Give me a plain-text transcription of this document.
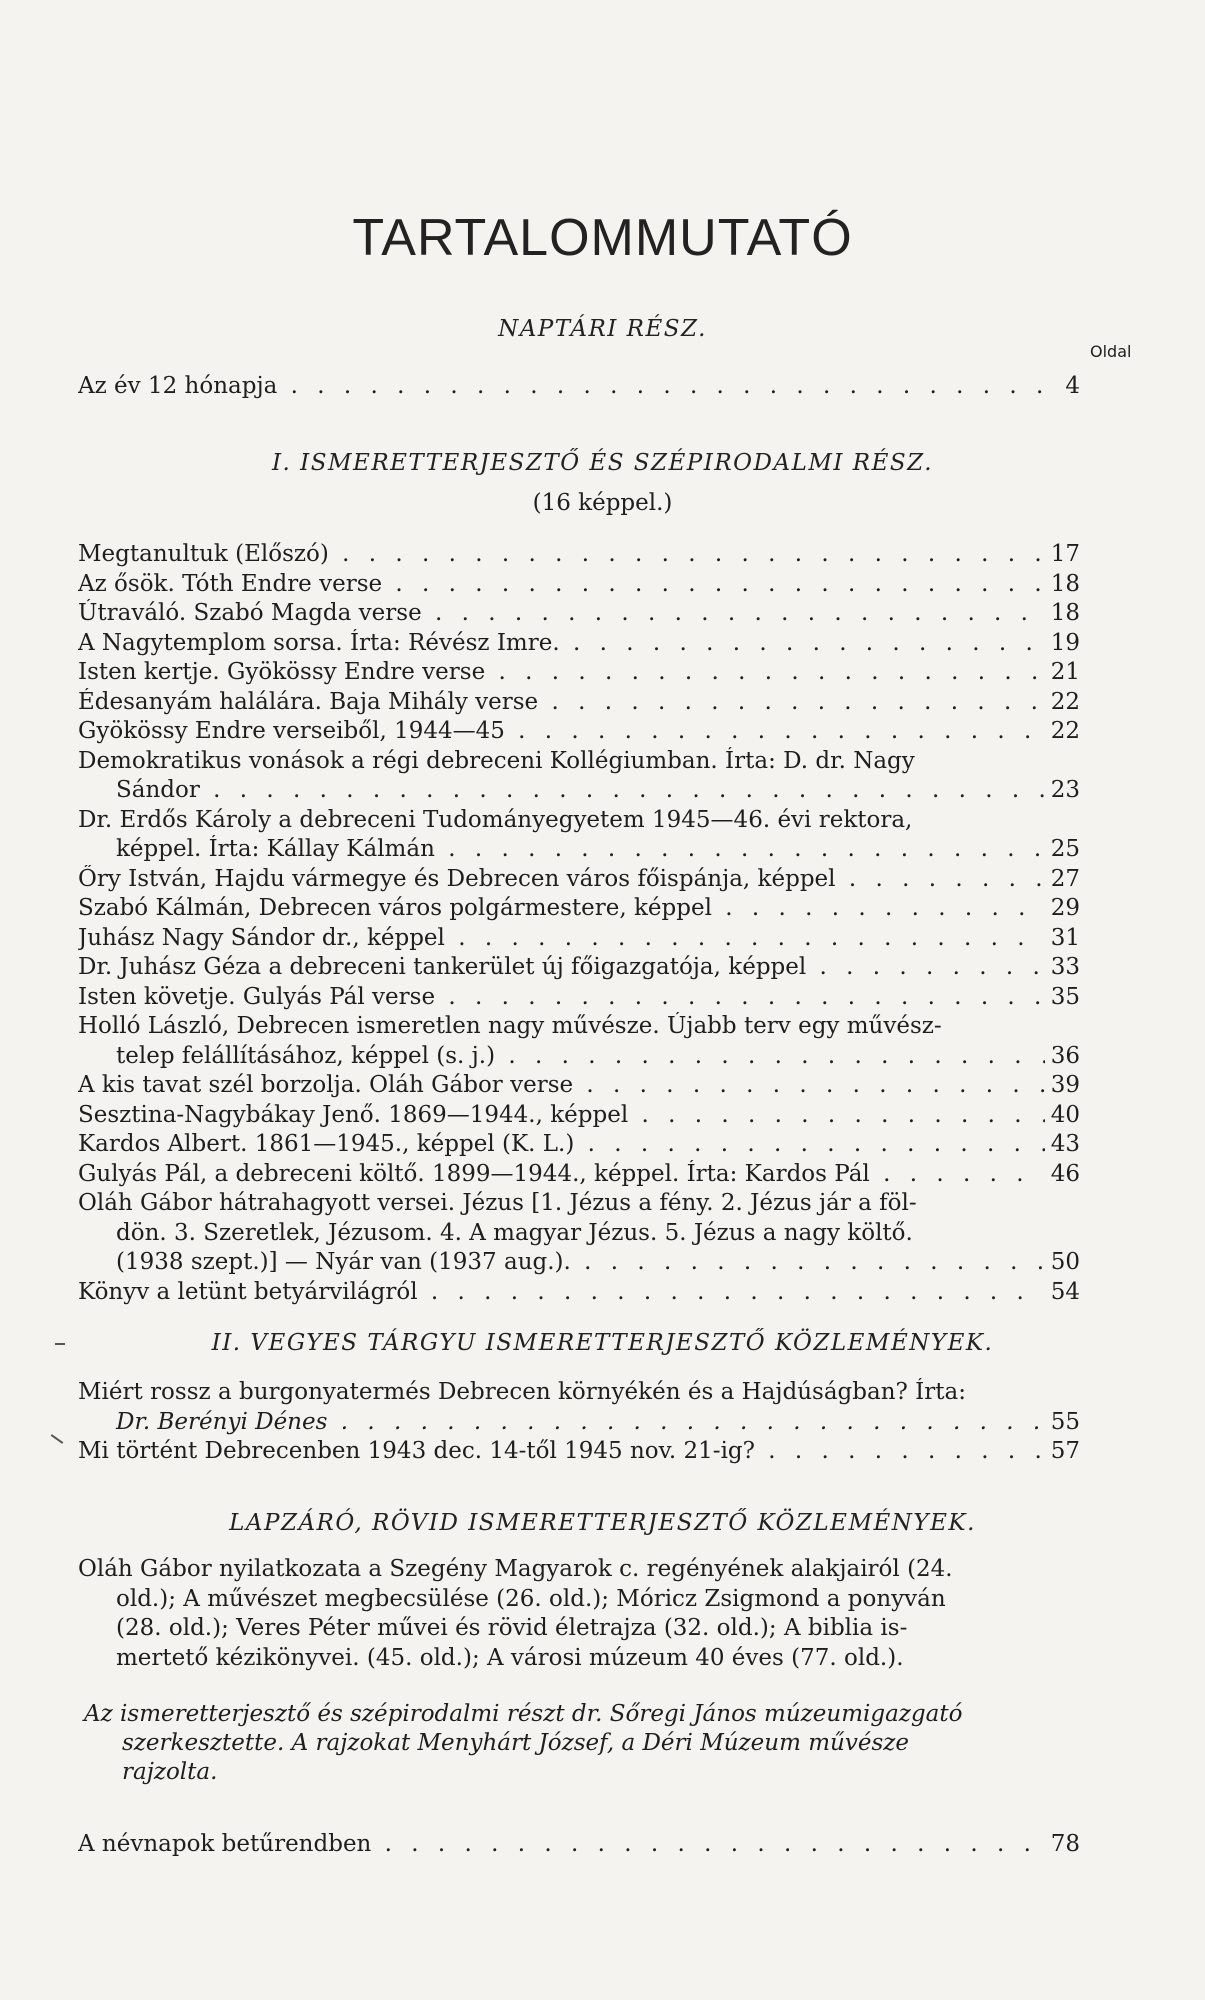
TARTALOMMUTATÓ
NAPTÁRI RÉSZ.
Oldal
Az év 12 hónapja . . .	4
I. ISMERETTERJESZTŐ ÉS SZÉPIRODALMI RÉSZ.
(16 képpel.)
Megtanultuk (Előszó) . . .	17
Az ősök. Tóth Endre verse . . .	18
Útraváló. Szabó Magda verse . . .	18
A Nagytemplom sorsa. Írta: Révész Imre. . . .	19
Isten kertje. Gyökössy Endre verse . . .	21
Édesanyám halálára. Baja Mihály verse . . .	22
Gyökössy Endre verseiből, 1944—45 . . .	22
Demokratikus vonások a régi debreceni Kollégiumban. Írta: D. dr. Nagy
Sándor . . .	23
Dr. Erdős Károly a debreceni Tudományegyetem 1945—46. évi rektora,
képpel. Írta: Kállay Kálmán . . .	25
Őry István, Hajdu vármegye és Debrecen város főispánja, képpel . . .	27
Szabó Kálmán, Debrecen város polgármestere, képpel . . .	29
Juhász Nagy Sándor dr., képpel . . .	31
Dr. Juhász Géza a debreceni tankerület új főigazgatója, képpel . . .	33
Isten követje. Gulyás Pál verse . . .	35
Holló László, Debrecen ismeretlen nagy művésze. Újabb terv egy művész-
telep felállításához, képpel (s. j.) . . .	36
A kis tavat szél borzolja. Oláh Gábor verse . . .	39
Sesztina-Nagybákay Jenő. 1869—1944., képpel . . .	40
Kardos Albert. 1861—1945., képpel (K. L.) . . .	43
Gulyás Pál, a debreceni költő. 1899—1944., képpel. Írta: Kardos Pál . . .	46
Oláh Gábor hátrahagyott versei. Jézus [1. Jézus a fény. 2. Jézus jár a föl-
dön. 3. Szeretlek, Jézusom. 4. A magyar Jézus. 5. Jézus a nagy költő.
(1938 szept.)] — Nyár van (1937 aug.). . . .	50
Könyv a letünt betyárvilágról . . .	54
II. VEGYES TÁRGYU ISMERETTERJESZTŐ KÖZLEMÉNYEK.
Miért rossz a burgonyatermés Debrecen környékén és a Hajdúságban? Írta:
Dr. Berényi Dénes . . .	55
Mi történt Debrecenben 1943 dec. 14-től 1945 nov. 21-ig? . . .	57
LAPZÁRÓ, RÖVID ISMERETTERJESZTŐ KÖZLEMÉNYEK.

Oláh Gábor nyilatkozata a Szegény Magyarok c. regényének alakjairól (24.

old.); A művészet megbecsülése (26. old.); Móricz Zsigmond a ponyván

(28. old.); Veres Péter művei és rövid életrajza (32. old.); A biblia is-

mertető kézikönyvei. (45. old.); A városi múzeum 40 éves (77. old.).

Az ismeretterjesztő és szépirodalmi részt dr. Sőregi János múzeumigazgató
szerkesztette. A rajzokat Menyhárt József, a Déri Múzeum művésze
rajzolta.
A névnapok betűrendben . . .	78
